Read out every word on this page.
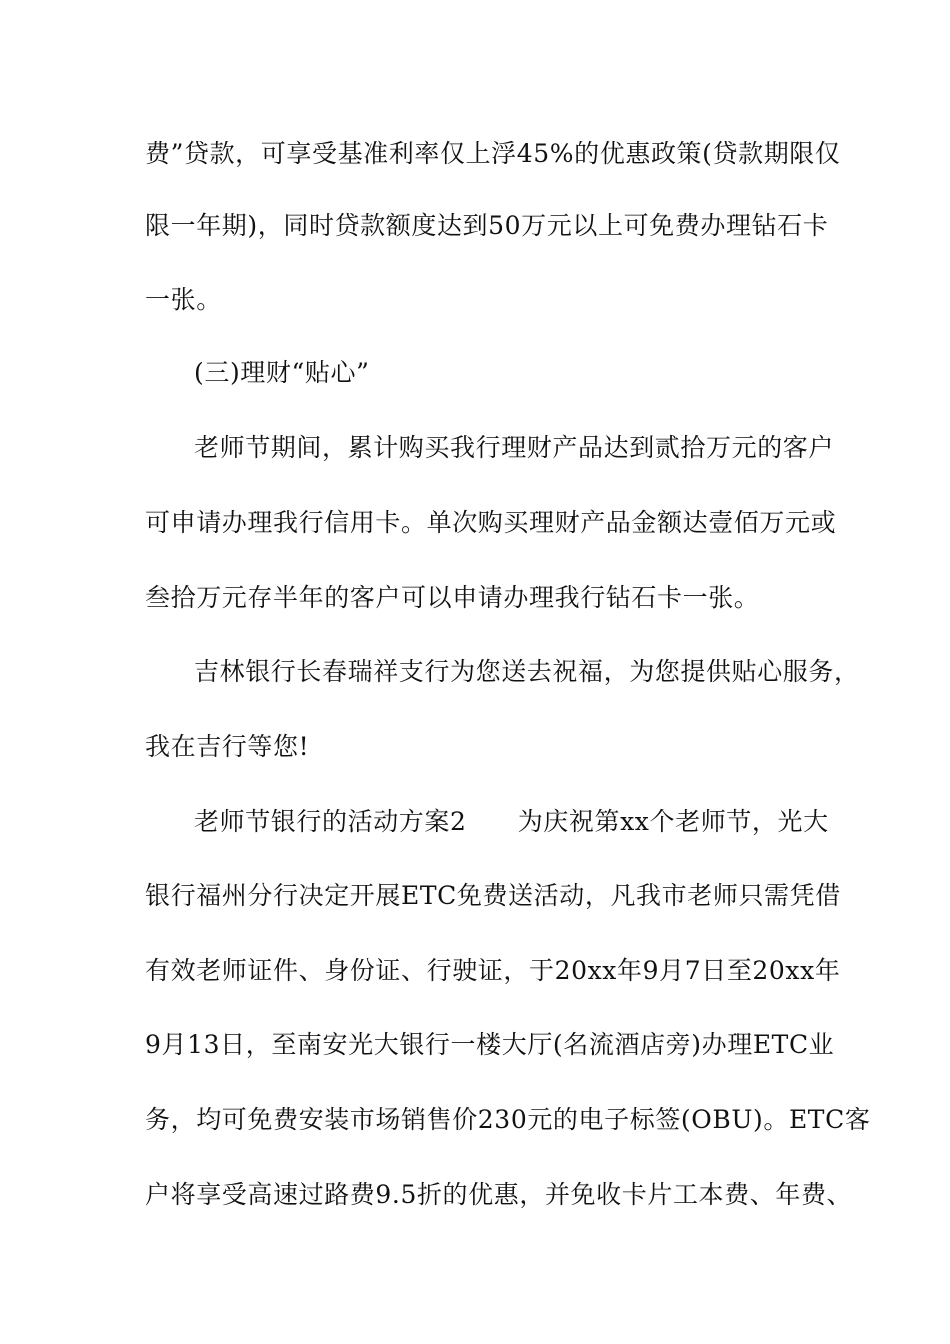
费”贷款，可享受基准利率仅上浮45%的优惠政策(贷款期限仅
限一年期)，同时贷款额度达到50万元以上可免费办理钻石卡
一张。
(三)理财“贴心”
老师节期间，累计购买我行理财产品达到贰拾万元的客户
可申请办理我行信用卡。单次购买理财产品金额达壹佰万元或
叁拾万元存半年的客户可以申请办理我行钻石卡一张。
吉林银行长春瑞祥支行为您送去祝福，为您提供贴心服务，
我在吉行等您!
老师节银行的活动方案2　　为庆祝第xx个老师节，光大
银行福州分行决定开展ETC免费送活动，凡我市老师只需凭借
有效老师证件、身份证、行驶证，于20xx年9月7日至20xx年
9月13日，至南安光大银行一楼大厅(名流酒店旁)办理ETC业
务，均可免费安装市场销售价230元的电子标签(OBU)。ETC客
户将享受高速过路费9.5折的优惠，并免收卡片工本费、年费、
